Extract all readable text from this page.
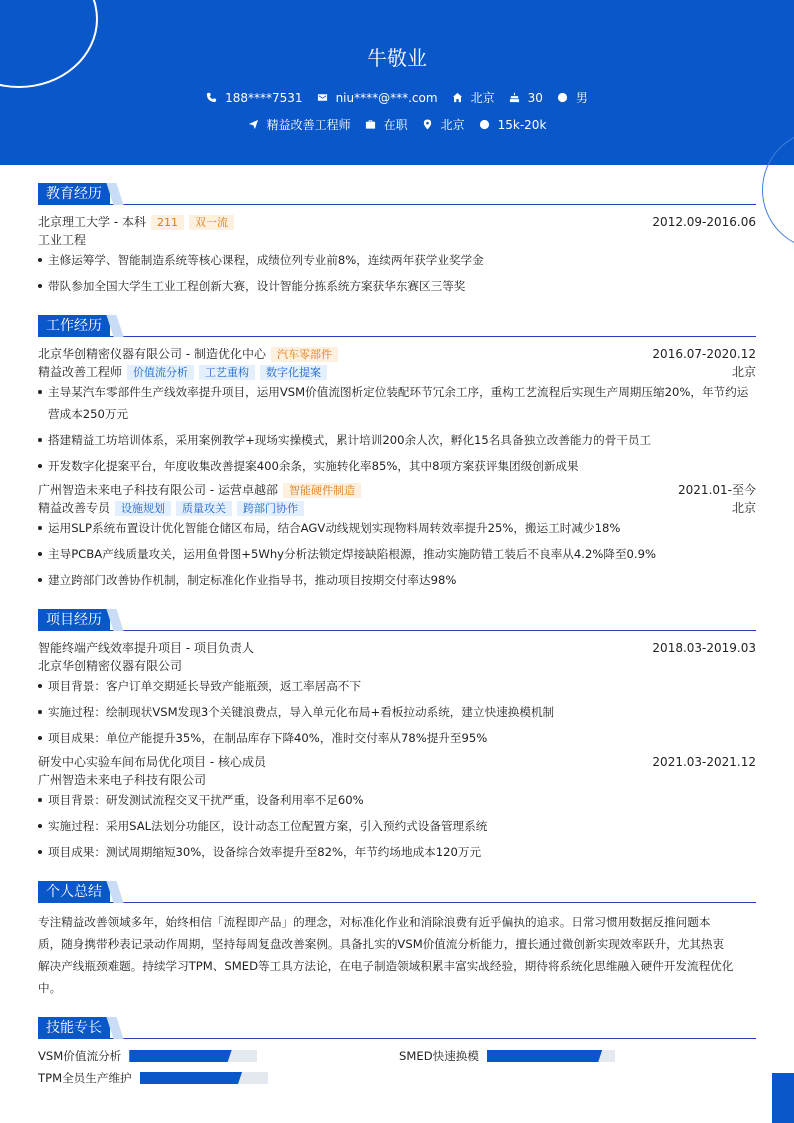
牛敬业
188****7531	niu****@***.com	北京	30	男
精益改善工程师	在职	北京	15k-20k
教育经历
北京理工大学 - 本科	211	双一流	2012.09-2016.06
工业工程
主修运筹学、智能制造系统等核心课程，成绩位列专业前8%，连续两年获学业奖学金
带队参加全国大学生工业工程创新大赛，设计智能分拣系统方案获华东赛区三等奖
工作经历
北京华创精密仪器有限公司 - 制造优化中心	汽车零部件	2016.07-2020.12
精益改善工程师	价值流分析	工艺重构	数字化提案	北京
主导某汽车零部件生产线效率提升项目，运用VSM价值流图析定位装配环节冗余工序，重构工艺流程后实现生产周期压缩20%，年节约运营成本250万元
搭建精益工坊培训体系，采用案例教学+现场实操模式，累计培训200余人次，孵化15名具备独立改善能力的骨干员工
开发数字化提案平台，年度收集改善提案400余条，实施转化率85%，其中8项方案获评集团级创新成果
广州智造未来电子科技有限公司 - 运营卓越部	智能硬件制造	2021.01-至今
精益改善专员	设施规划	质量攻关	跨部门协作	北京
运用SLP系统布置设计优化智能仓储区布局，结合AGV动线规划实现物料周转效率提升25%，搬运工时减少18%
主导PCBA产线质量攻关，运用鱼骨图+5Why分析法锁定焊接缺陷根源，推动实施防错工装后不良率从4.2%降至0.9%
建立跨部门改善协作机制，制定标准化作业指导书，推动项目按期交付率达98%
项目经历
智能终端产线效率提升项目 - 项目负责人	2018.03-2019.03
北京华创精密仪器有限公司
项目背景：客户订单交期延长导致产能瓶颈，返工率居高不下
实施过程：绘制现状VSM发现3个关键浪费点，导入单元化布局+看板拉动系统，建立快速换模机制
项目成果：单位产能提升35%，在制品库存下降40%，准时交付率从78%提升至95%
研发中心实验车间布局优化项目 - 核心成员	2021.03-2021.12
广州智造未来电子科技有限公司
项目背景：研发测试流程交叉干扰严重，设备利用率不足60%
实施过程：采用SAL法划分功能区，设计动态工位配置方案，引入预约式设备管理系统
项目成果：测试周期缩短30%，设备综合效率提升至82%，年节约场地成本120万元
个人总结
专注精益改善领域多年，始终相信「流程即产品」的理念，对标准化作业和消除浪费有近乎偏执的追求。日常习惯用数据反推问题本
质，随身携带秒表记录动作周期，坚持每周复盘改善案例。具备扎实的VSM价值流分析能力，擅长通过微创新实现效率跃升，尤其热衷
解决产线瓶颈难题。持续学习TPM、SMED等工具方法论，在电子制造领域积累丰富实战经验，期待将系统化思维融入硬件开发流程优化
中。
技能专长
VSM价值流分析	SMED快速换模
TPM全员生产维护
